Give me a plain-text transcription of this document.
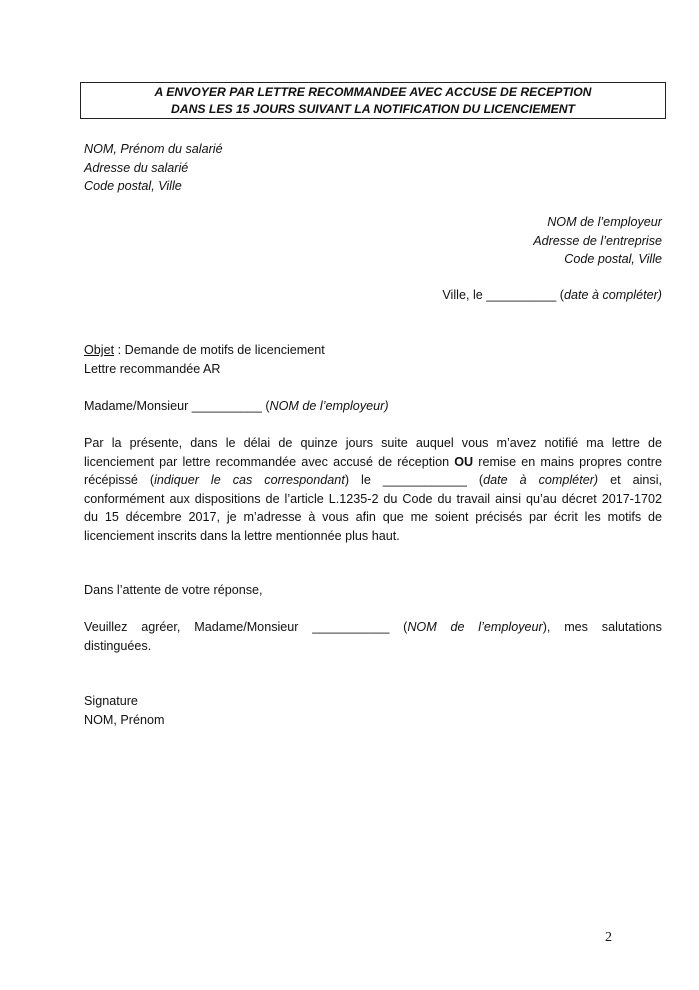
A ENVOYER PAR LETTRE RECOMMANDEE AVEC ACCUSE DE RECEPTION
DANS LES 15 JOURS SUIVANT LA NOTIFICATION DU LICENCIEMENT
NOM, Prénom du salarié
Adresse du salarié
Code postal, Ville
NOM de l’employeur
Adresse de l’entreprise
Code postal, Ville
Ville, le __________ (date à compléter)
Objet : Demande de motifs de licenciement
Lettre recommandée AR
Madame/Monsieur __________ (NOM de l’employeur)
Par la présente, dans le délai de quinze jours suite auquel vous m’avez notifié ma lettre de
licenciement par lettre recommandée avec accusé de réception OU remise en mains propres contre
récépissé (indiquer le cas correspondant) le ____________ (date à compléter) et ainsi,
conformément aux dispositions de l’article L.1235-2 du Code du travail ainsi qu’au décret 2017-1702
du 15 décembre 2017, je m’adresse à vous afin que me soient précisés par écrit les motifs de
licenciement inscrits dans la lettre mentionnée plus haut.
Dans l’attente de votre réponse,
Veuillez agréer, Madame/Monsieur ___________ (NOM de l’employeur), mes salutations
distinguées.
Signature
NOM, Prénom
2
